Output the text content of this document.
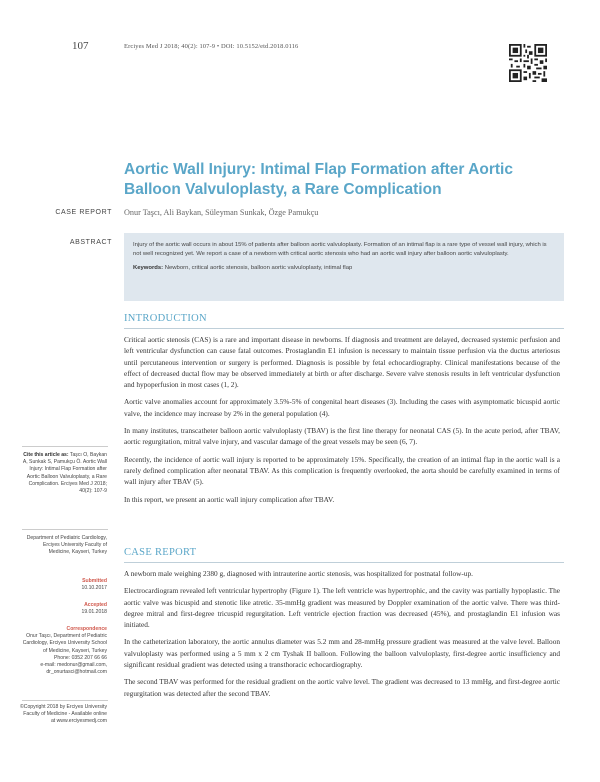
107	Erciyes Med J 2018; 40(2): 107-9 • DOI: 10.5152/etd.2018.0116
Aortic Wall Injury: Intimal Flap Formation after Aortic Balloon Valvuloplasty, a Rare Complication
CASE REPORT Onur Taşcı, Ali Baykan, Süleyman Sunkak, Özge Pamukçu
ABSTRACT	Injury of the aortic wall occurs in about 15% of patients after balloon aortic valvuloplasty. Formation of an intimal flap is a rare type of vessel wall injury, which is not well recognized yet. We report a case of a newborn with critical aortic stenosis who had an aortic wall injury after balloon aortic valvuloplasty.

Keywords: Newborn, critical aortic stenosis, balloon aortic valvuloplasty, intimal flap

INTRODUCTION

Critical aortic stenosis (CAS) is a rare and important disease in newborns. If diagnosis and treatment are delayed, decreased systemic perfusion and left ventricular dysfunction can cause fatal outcomes. Prostaglandin E1 infusion is necessary to maintain tissue perfusion via the ductus arteriosus until percutaneous intervention or surgery is performed. Diagnosis is possible by fetal echocardiography. Clinical manifestations because of the effect of decreased ductal flow may be observed immediately at birth or after discharge. Severe valve stenosis results in left ventricular dysfunction and hypoperfusion in most cases (1, 2).

Aortic valve anomalies account for approximately 3.5%-5% of congenital heart diseases (3). Including the cases with asymptomatic bicuspid aortic valve, the incidence may increase by 2% in the general population (4).

In many institutes, transcatheter balloon aortic valvuloplasty (TBAV) is the first line therapy for neonatal CAS (5). In the acute period, after TBAV, aortic regurgitation, mitral valve injury, and vascular damage of the great vessels may be seen (6, 7).

Recently, the incidence of aortic wall injury is reported to be approximately 15%. Specifically, the creation of an intimal flap in the aortic wall is a rarely defined complication after neonatal TBAV. As this complication is frequently overlooked, the aorta should be carefully examined in terms of wall injury after TBAV (5).

In this report, we present an aortic wall injury complication after TBAV.

CASE REPORT

A newborn male weighing 2380 g, diagnosed with intrauterine aortic stenosis, was hospitalized for postnatal follow-up.

Electrocardiogram revealed left ventricular hypertrophy (Figure 1). The left ventricle was hypertrophic, and the cavity was partially hypoplastic. The aortic valve was bicuspid and stenotic like atretic. 35-mmHg gradient was measured by Doppler examination of the aortic valve. There was third-degree mitral and first-degree tricuspid regurgitation. Left ventricle ejection fraction was decreased (45%), and prostaglandin E1 infusion was initiated.

In the catheterization laboratory, the aortic annulus diameter was 5.2 mm and 28-mmHg pressure gradient was measured at the valve level. Balloon valvuloplasty was performed using a 5 mm x 2 cm Tyshak II balloon. Following the balloon valvuloplasty, first-degree aortic insufficiency and significant residual gradient was detected using a transthoracic echocardiography.

The second TBAV was performed for the residual gradient on the aortic valve level. The gradient was decreased to 13 mmHg, and first-degree aortic regurgitation was detected after the second TBAV.

Cite this article as: Taşcı O, Baykan A, Sunkak S, Pamukçu Ö. Aortic Wall Injury: Intimal Flap Formation after Aortic Balloon Valvuloplasty, a Rare Complication. Erciyes Med J 2018; 40(2): 107-9
Department of Pediatric Cardiology, Erciyes University Faculty of Medicine, Kayseri, Turkey
Submitted
10.10.2017
Accepted
19.01.2018
Correspondence
Onur Taşcı, Department of Pediatric Cardiology, Erciyes University School of Medicine, Kayseri, Turkey
Phone: 0352 207 66 66
e-mail: medonur@gmail.com, dr_onurtasci@hotmail.com
©Copyright 2018 by Erciyes University Faculty of Medicine - Available online at www.erciyesmedj.com
